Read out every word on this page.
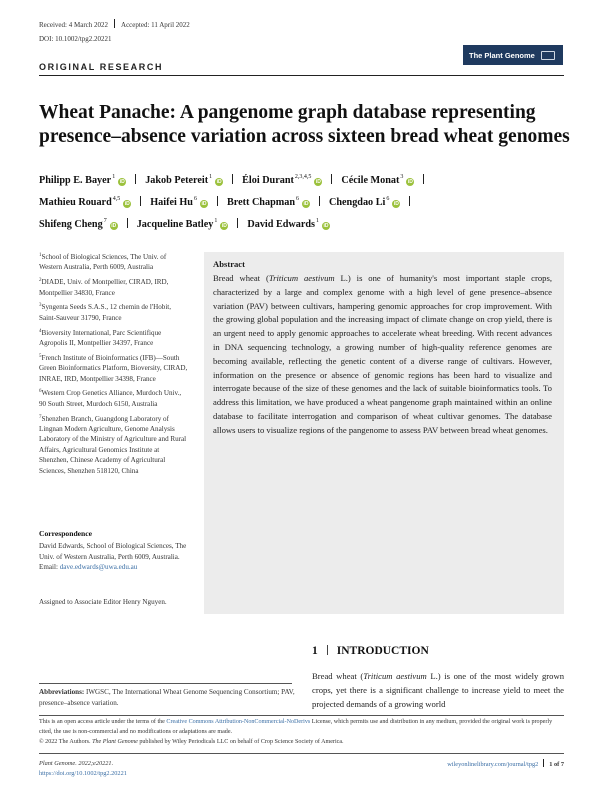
Received: 4 March 2022 Accepted: 11 April 2022
DOI: 10.1002/tpg2.20221
ORIGINAL RESEARCH
The Plant Genome
Wheat Panache: A pangenome graph database representing
presence–absence variation across sixteen bread wheat genomes
Philipp E. Bayer$^1$iD Jakob Petereit$^1$iD Éloi Durant$^{2,3,4,5}$iD Cécile Monat$^3$iD
Mathieu Rouard$^{4,5}$iD Haifei Hu$^6$iD Brett Chapman$^6$iD Chengdao Li$^6$iD
Shifeng Cheng$^7$iD Jacqueline Batley$^1$iD David Edwards$^1$iD

$^1$School of Biological Sciences, The Univ. of Western Australia, Perth 6009, Australia

$^2$DIADE, Univ. of Montpellier, CIRAD, IRD, Montpellier 34830, France

$^3$Syngenta Seeds S.A.S., 12 chemin de l'Hobit, Saint-Sauveur 31790, France

$^4$Bioversity International, Parc Scientifique Agropolis II, Montpellier 34397, France

$^5$French Institute of Bioinformatics (IFB)—South Green Bioinformatics Platform, Bioversity, CIRAD, INRAE, IRD, Montpellier 34398, France

$^6$Western Crop Genetics Alliance, Murdoch Univ., 90 South Street, Murdoch 6150, Australia

$^7$Shenzhen Branch, Guangdong Laboratory of Lingnan Modern Agriculture, Genome Analysis Laboratory of the Ministry of Agriculture and Rural Affairs, Agricultural Genomics Institute at Shenzhen, Chinese Academy of Agricultural Sciences, Shenzhen 518120, China

Correspondence
David Edwards, School of Biological Sciences, The Univ. of Western Australia, Perth 6009, Australia.
Email: dave.edwards@uwa.edu.au
Assigned to Associate Editor Henry Nguyen.
Abstract
Bread wheat (Triticum aestivum L.) is one of humanity's most important staple crops, characterized by a large and complex genome with a high level of gene presence–absence variation (PAV) between cultivars, hampering genomic approaches for crop improvement. With the growing global population and the increasing impact of climate change on crop yield, there is an urgent need to apply genomic approaches to accelerate wheat breeding. With recent advances in DNA sequencing technology, a growing number of high-quality reference genomes are becoming available, reflecting the genetic content of a diverse range of cultivars. However, information on the presence or absence of genomic regions has been hard to visualize and interrogate because of the size of these genomes and the lack of suitable bioinformatics tools. To address this limitation, we have produced a wheat pangenome graph maintained within an online database to facilitate interrogation and comparison of wheat cultivar genomes. The database allows users to visualize regions of the pangenome to assess PAV between bread wheat genomes.
1 INTRODUCTION
Bread wheat (Triticum aestivum L.) is one of the most widely grown crops, yet there is a significant challenge to increase yield to meet the projected demands of a growing world
Abbreviations: IWGSC, The International Wheat Genome Sequencing Consortium; PAV, presence–absence variation.
This is an open access article under the terms of the Creative Commons Attribution-NonCommercial-NoDerivs License, which permits use and distribution in any medium, provided the original work is properly cited, the use is non-commercial and no modifications or adaptations are made.
© 2022 The Authors. The Plant Genome published by Wiley Periodicals LLC on behalf of Crop Science Society of America.
Plant Genome. 2022;e20221.
https://doi.org/10.1002/tpg2.20221
wileyonlinelibrary.com/journal/tpg2 1 of 7
